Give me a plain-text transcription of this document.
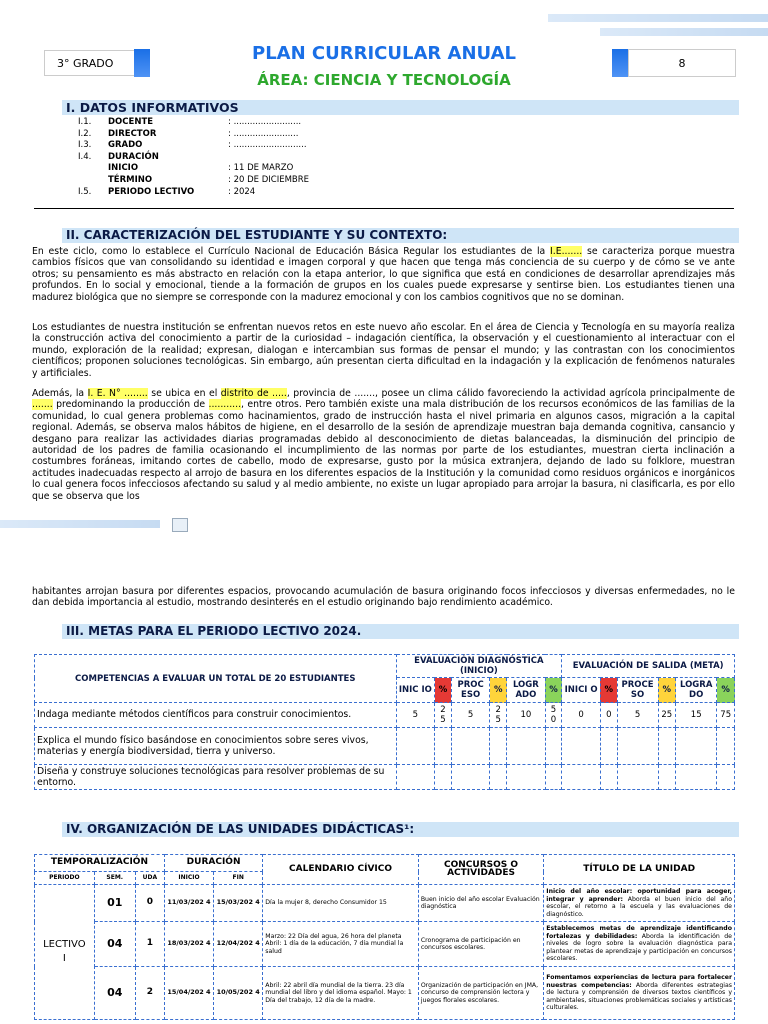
3° GRADO	8
PLAN CURRICULAR ANUAL
ÁREA: CIENCIA Y TECNOLOGÍA
I. DATOS INFORMATIVOS
I.1.	DOCENTE	: .........................
I.2.	DIRECTOR	: ........................
I.3.	GRADO	: ...........................
I.4.	DURACIÓN
INICIO	: 11 DE MARZO
TÉRMINO	: 20 DE DICIEMBRE
I.5.	PERIODO LECTIVO	: 2024
II. CARACTERIZACIÓN DEL ESTUDIANTE Y SU CONTEXTO:
En este ciclo, como lo establece el Currículo Nacional de Educación Básica Regular los estudiantes de la I.E....... se caracteriza porque muestra cambios físicos que van consolidando su identidad e imagen corporal y que hacen que tenga más conciencia de su cuerpo y de cómo se ve ante otros; su pensamiento es más abstracto en relación con la etapa anterior, lo que significa que está en condiciones de desarrollar aprendizajes más profundos. En lo social y emocional, tiende a la formación de grupos en los cuales puede expresarse y sentirse bien. Los estudiantes tienen una madurez biológica que no siempre se corresponde con la madurez emocional y con los cambios cognitivos que no se dominan.
Los estudiantes de nuestra institución se enfrentan nuevos retos en este nuevo año escolar. En el área de Ciencia y Tecnología en su mayoría realiza la construcción activa del conocimiento a partir de la curiosidad – indagación científica, la observación y el cuestionamiento al interactuar con el mundo, exploración de la realidad; expresan, dialogan e intercambian sus formas de pensar el mundo; y las contrastan con los conocimientos científicos; proponen soluciones tecnológicas. Sin embargo, aún presentan cierta dificultad en la indagación y la explicación de fenómenos naturales y artificiales.
Además, la I. E. N° ........ se ubica en el distrito de ....., provincia de ......., posee un clima cálido favoreciendo la actividad agrícola principalmente de ....... predominando la producción de ..........., entre otros. Pero también existe una mala distribución de los recursos económicos de las familias de la comunidad, lo cual genera problemas como hacinamientos, grado de instrucción hasta el nivel primaria en algunos casos, migración a la capital regional. Además, se observa malos hábitos de higiene, en el desarrollo de la sesión de aprendizaje muestran baja demanda cognitiva, cansancio y desgano para realizar las actividades diarias programadas debido al desconocimiento de dietas balanceadas, la disminución del principio de autoridad de los padres de familia ocasionando el incumplimiento de las normas por parte de los estudiantes, muestran cierta inclinación a costumbres foráneas, imitando cortes de cabello, modo de expresarse, gusto por la música extranjera, dejando de lado su folklore, muestran actitudes inadecuadas respecto al arrojo de basura en los diferentes espacios de la Institución y la comunidad como residuos orgánicos e inorgánicos lo cual genera focos infecciosos afectando su salud y al medio ambiente, no existe un lugar apropiado para arrojar la basura, ni clasificarla, es por ello que se observa que los
habitantes arrojan basura por diferentes espacios, provocando acumulación de basura originando focos infecciosos y diversas enfermedades, no le dan debida importancia al estudio, mostrando desinterés en el estudio originando bajo rendimiento académico.
III. METAS PARA EL PERIODO LECTIVO 2024.
COMPETENCIAS A EVALUAR UN TOTAL DE 20 ESTUDIANTES	EVALUACIÓN DIAGNÓSTICA (INICIO)						EVALUACIÓN DE SALIDA (META)					
	INIC IO	%	PROC ESO	%	LOGR ADO	%	INICI O	%	PROCE SO	%	LOGRA DO	%
Indaga mediante métodos científicos para construir conocimientos.	5	2 5	5	2 5	10	5 0	0	0	5	25	15	75
Explica el mundo físico basándose en conocimientos sobre seres vivos, materias y energía biodiversidad, tierra y universo.												
Diseña y construye soluciones tecnológicas para resolver problemas de su entorno.												
IV. ORGANIZACIÓN DE LAS UNIDADES DIDÁCTICAS¹:
TEMPORALIZACIÓN			DURACIÓN		CALENDARIO CÍVICO	CONCURSOS O ACTIVIDADES	TÍTULO DE LA UNIDAD
PERIODO	SEM.	UDA	INICIO	FIN			
LECTIVO I	01	0	11/03/202 4	15/03/202 4	Día la mujer 8, derecho Consumidor 15	Buen inicio del año escolar Evaluación diagnóstica	Inicio del año escolar: oportunidad para acoger, integrar y aprender: Aborda el buen inicio del año escolar, el retorno a la escuela y las evaluaciones de diagnóstico.
	04	1	18/03/202 4	12/04/202 4	Marzo: 22 Día del agua, 26 hora del planeta Abril: 1 día de la educación, 7 día mundial la salud	Cronograma de participación en concursos escolares.	Establecemos metas de aprendizaje identificando fortalezas y debilidades: Aborda la identificación de niveles de logro sobre la evaluación diagnóstica para plantear metas de aprendizaje y participación en concursos escolares.
	04	2	15/04/202 4	10/05/202 4	Abril: 22 abril día mundial de la tierra. 23 día mundial del libro y del idioma español. Mayo: 1 Día del trabajo, 12 día de la madre.	Organización de participación en JMA, concurso de comprensión lectora y juegos florales escolares.	Fomentamos experiencias de lectura para fortalecer nuestras competencias: Aborda diferentes estrategias de lectura y comprensión de diversos textos científicos y ambientales, situaciones problemáticas sociales y artísticas culturales.
